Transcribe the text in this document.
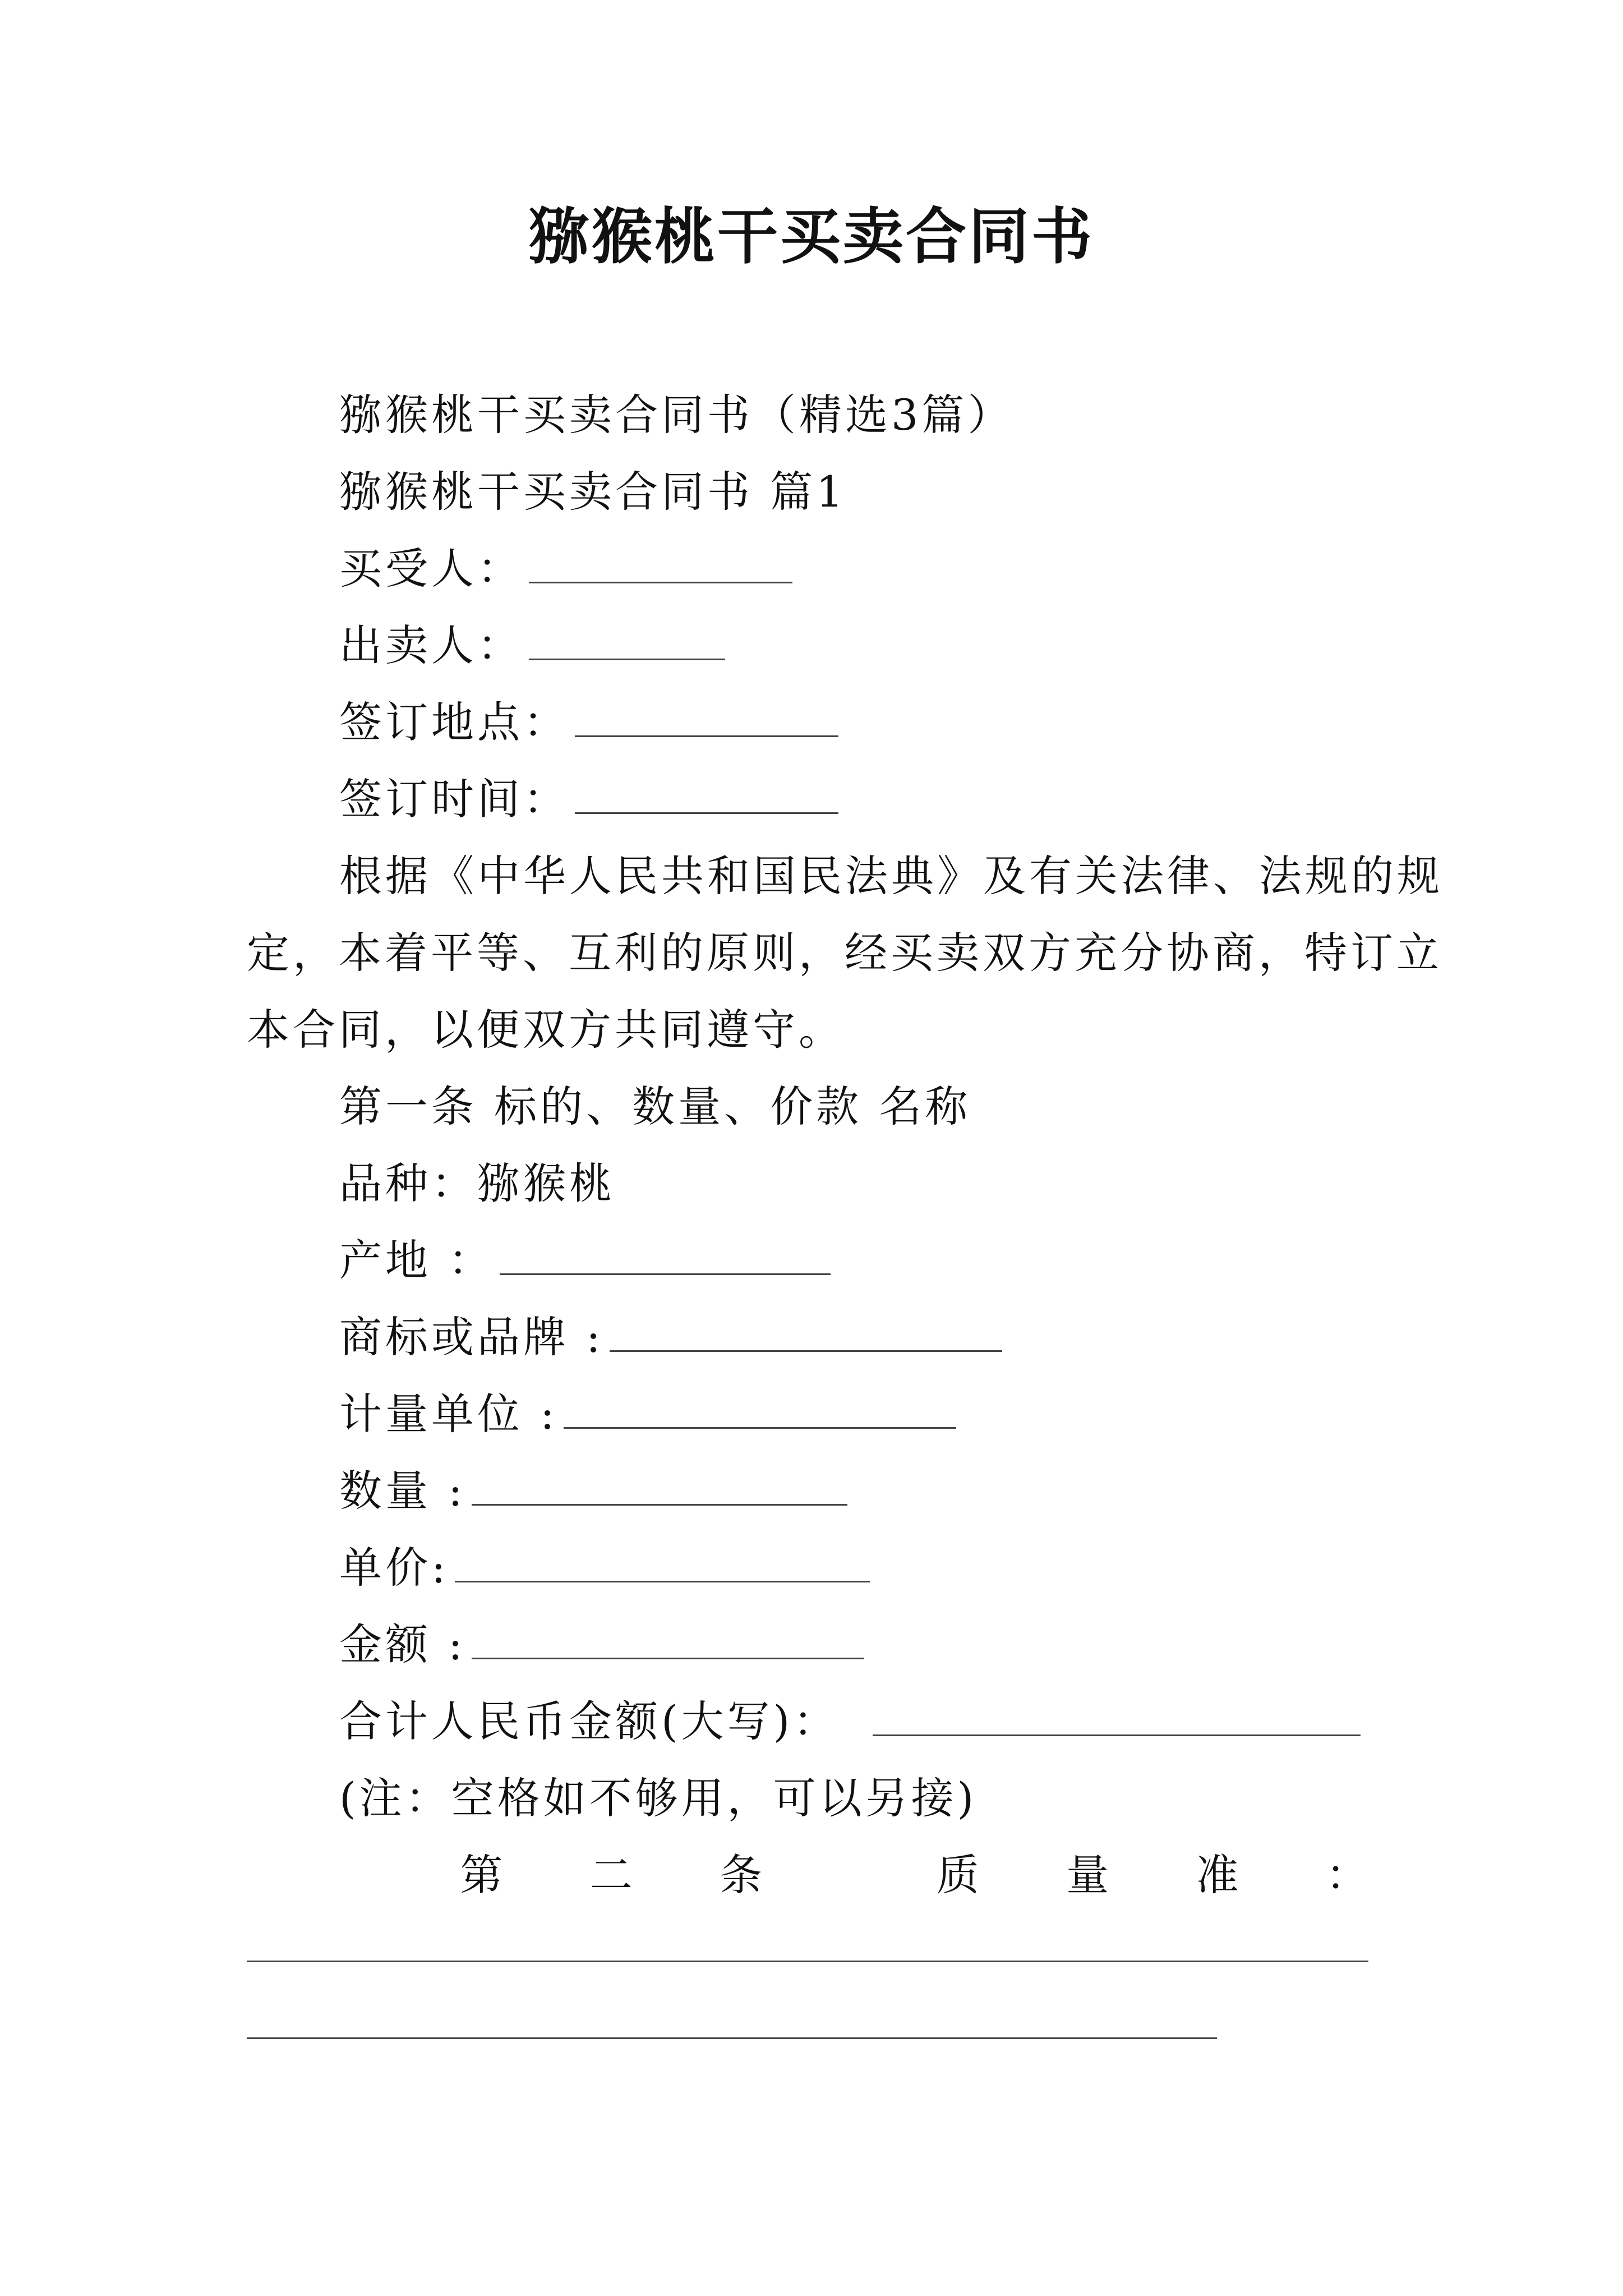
猕猴桃干买卖合同书
猕猴桃干买卖合同书（精选3篇）
猕猴桃干买卖合同书 篇1
买受人：
出卖人：
签订地点：
签订时间：
根据《中华人民共和国民法典》及有关法律、法规的规
定，本着平等、互利的原则，经买卖双方充分协商，特订立
本合同，以便双方共同遵守。
第一条 标的、数量、价款 名称
品种：猕猴桃
产地 ：
商标或品牌 :
计量单位 :
数量 :
单价:
金额 :
合计人民币金额(大写)：
(注：空格如不够用，可以另接)
第 二 条	质 量 准 ：
